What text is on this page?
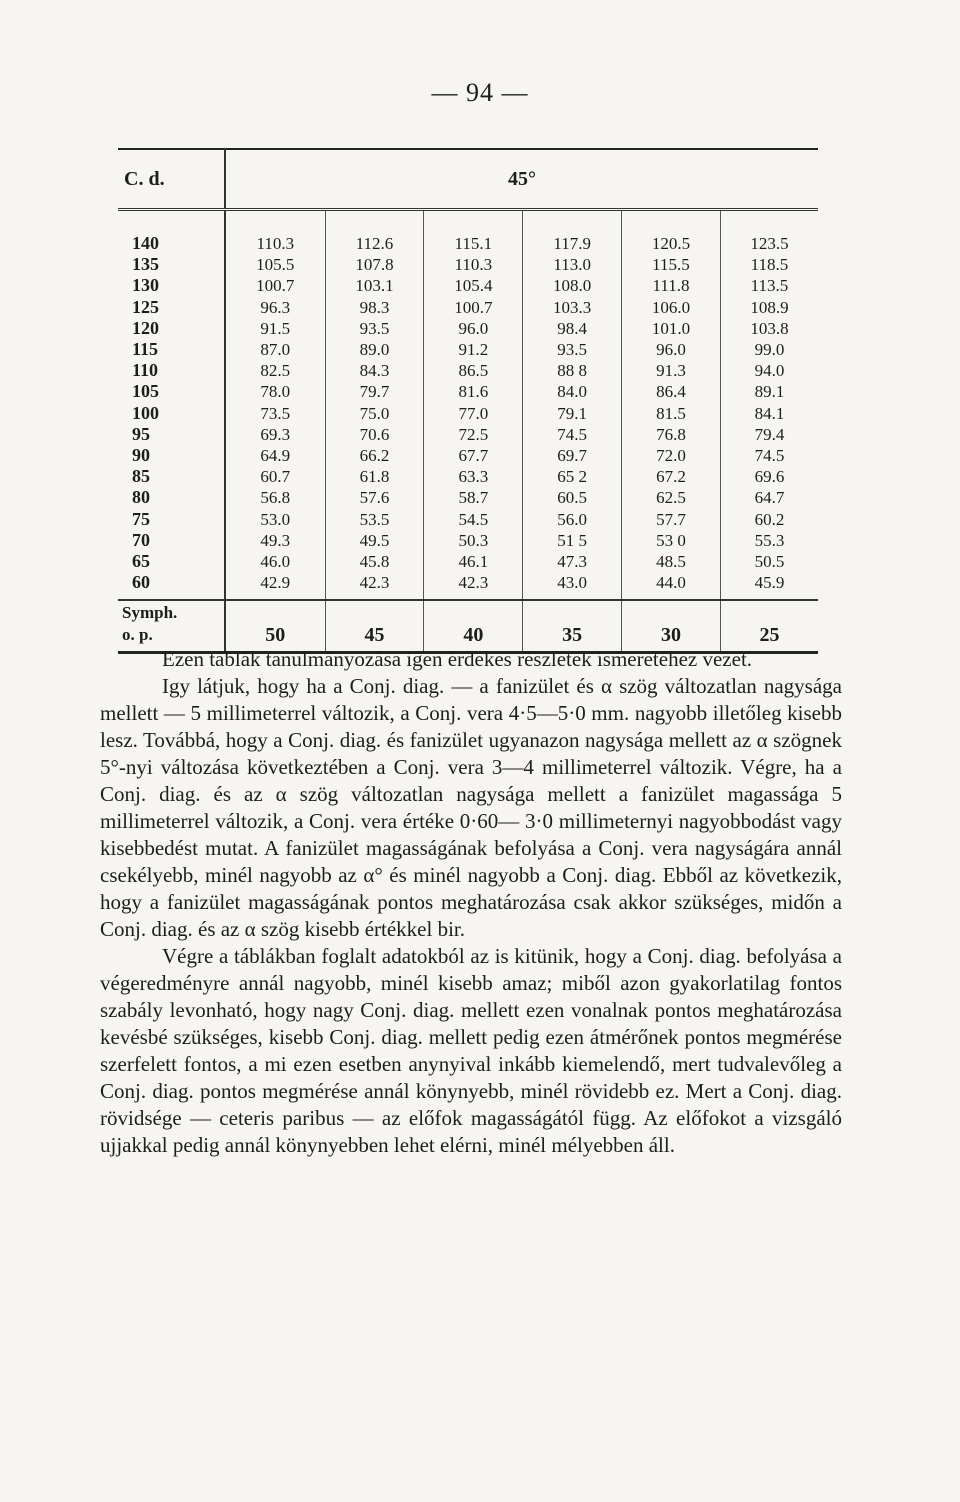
— 94 —
C. d.	45°					
140	110.3	112.6	115.1	117.9	120.5	123.5
135	105.5	107.8	110.3	113.0	115.5	118.5
130	100.7	103.1	105.4	108.0	111.8	113.5
125	96.3	98.3	100.7	103.3	106.0	108.9
120	91.5	93.5	96.0	98.4	101.0	103.8
115	87.0	89.0	91.2	93.5	96.0	99.0
110	82.5	84.3	86.5	88 8	91.3	94.0
105	78.0	79.7	81.6	84.0	86.4	89.1
100	73.5	75.0	77.0	79.1	81.5	84.1
95	69.3	70.6	72.5	74.5	76.8	79.4
90	64.9	66.2	67.7	69.7	72.0	74.5
85	60.7	61.8	63.3	65 2	67.2	69.6
80	56.8	57.6	58.7	60.5	62.5	64.7
75	53.0	53.5	54.5	56.0	57.7	60.2
70	49.3	49.5	50.3	51 5	53 0	55.3
65	46.0	45.8	46.1	47.3	48.5	50.5
60	42.9	42.3	42.3	43.0	44.0	45.9
Symph.
o. p.	50	45	40	35	30	25

Ezen táblák tanulmányozása igen érdekes részletek ismeretéhez vezet.

Igy látjuk, hogy ha a Conj. diag. — a fanizület és α szög változatlan nagysága mellett — 5 millimeterrel változik, a Conj. vera 4·5—5·0 mm. nagyobb illetőleg kisebb lesz. Továbbá, hogy a Conj. diag. és fanizület ugyanazon nagysága mellett az α szögnek 5°-nyi változása következtében a Conj. vera 3—4 millimeterrel változik. Végre, ha a Conj. diag. és az α szög változatlan nagysága mellett a fanizület magassága 5 millimeterrel változik, a Conj. vera értéke 0·60— 3·0 millimeternyi nagyobbodást vagy kisebbedést mutat. A fanizület magasságának befolyása a Conj. vera nagyságára annál csekélyebb, minél nagyobb az α° és minél nagyobb a Conj. diag. Ebből az következik, hogy a fanizület magasságának pontos meghatározása csak akkor szükséges, midőn a Conj. diag. és az α szög kisebb értékkel bir.

Végre a táblákban foglalt adatokból az is kitünik, hogy a Conj. diag. befolyása a végeredményre annál nagyobb, minél kisebb amaz; miből azon gyakorlatilag fontos szabály levonható, hogy nagy Conj. diag. mellett ezen vonalnak pontos meghatározása kevésbé szükséges, kisebb Conj. diag. mellett pedig ezen átmérőnek pontos megmérése szerfelett fontos, a mi ezen esetben anynyival inkább kiemelendő, mert tudvalevőleg a Conj. diag. pontos megmérése annál könynyebb, minél rövidebb ez. Mert a Conj. diag. rövidsége — ceteris paribus — az előfok magasságától függ. Az előfokot a vizsgáló ujjakkal pedig annál könynyebben lehet elérni, minél mélyebben áll.
